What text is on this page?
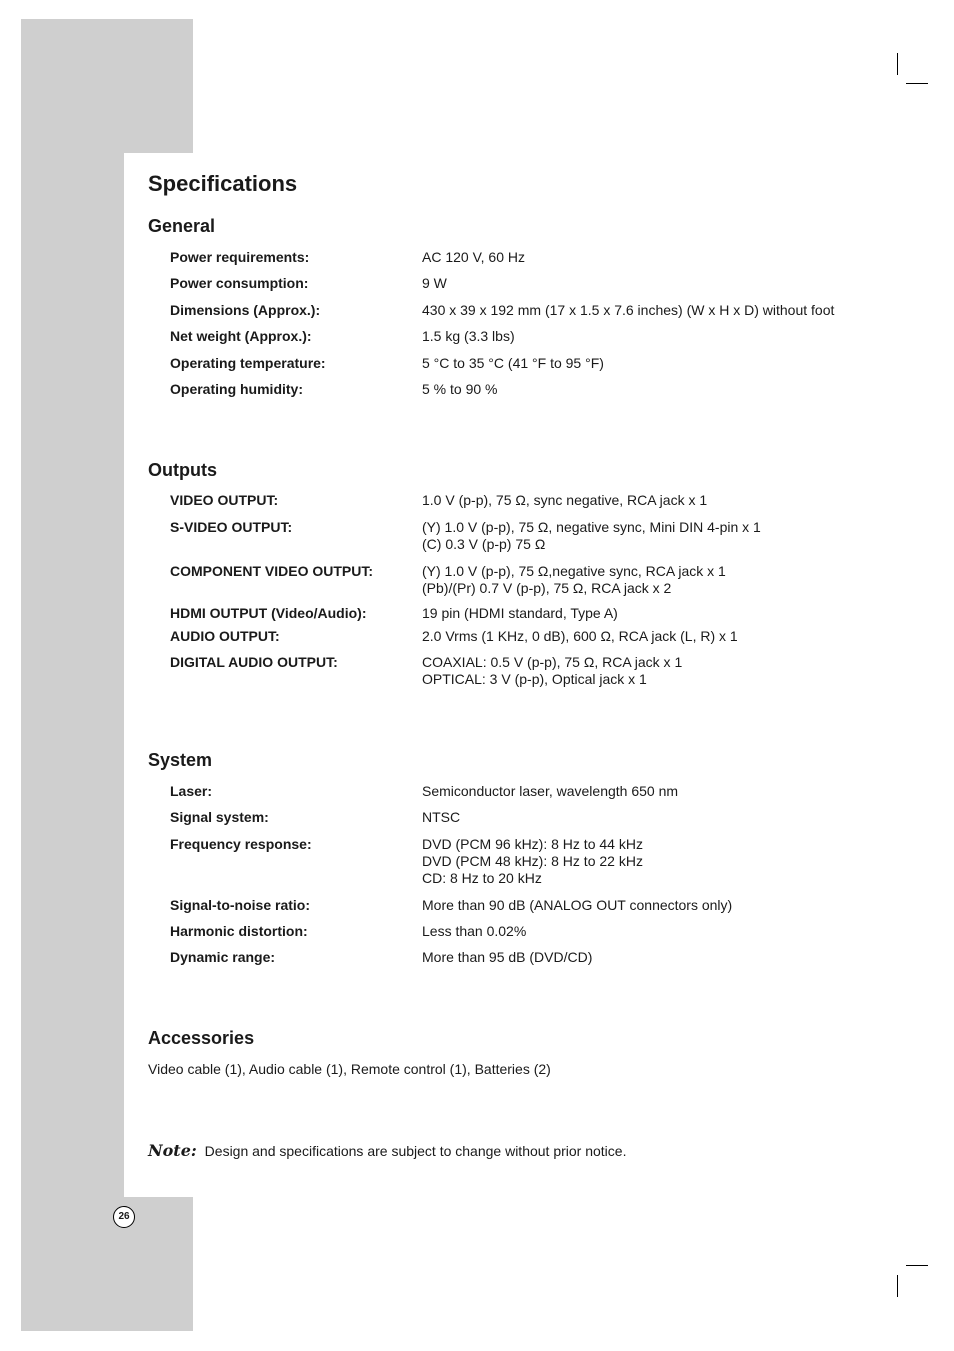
Specifications
General
Power requirements:	AC 120 V, 60 Hz
Power consumption:	9 W
Dimensions (Approx.):	430 x 39 x 192 mm (17 x 1.5 x 7.6 inches) (W x H x D) without foot
Net weight (Approx.):	1.5 kg (3.3 lbs)
Operating temperature:	5 °C to 35 °C (41 °F to 95 °F)
Operating humidity:	5 % to 90 %
Outputs
VIDEO OUTPUT:	1.0 V (p-p), 75 Ω, sync negative, RCA jack x 1
S-VIDEO OUTPUT:	(Y) 1.0 V (p-p), 75 Ω, negative sync, Mini DIN 4-pin x 1
(C) 0.3 V (p-p) 75 Ω
COMPONENT VIDEO OUTPUT:	(Y) 1.0 V (p-p), 75 Ω,negative sync, RCA jack x 1
(Pb)/(Pr) 0.7 V (p-p), 75 Ω, RCA jack x 2
HDMI OUTPUT (Video/Audio):	19 pin (HDMI standard, Type A)
AUDIO OUTPUT:	2.0 Vrms (1 KHz, 0 dB), 600 Ω, RCA jack (L, R) x 1
DIGITAL AUDIO OUTPUT:	COAXIAL: 0.5 V (p-p), 75 Ω, RCA jack x 1
OPTICAL: 3 V (p-p), Optical jack x 1
System
Laser:	Semiconductor laser, wavelength 650 nm
Signal system:	NTSC
Frequency response:	DVD (PCM 96 kHz): 8 Hz to 44 kHz
DVD (PCM 48 kHz): 8 Hz to 22 kHz
CD: 8 Hz to 20 kHz
Signal-to-noise ratio:	More than 90 dB (ANALOG OUT connectors only)
Harmonic distortion:	Less than 0.02%
Dynamic range:	More than 95 dB (DVD/CD)
Accessories
Video cable (1), Audio cable (1), Remote control (1), Batteries (2)
Note: Design and specifications are subject to change without prior notice.
26
